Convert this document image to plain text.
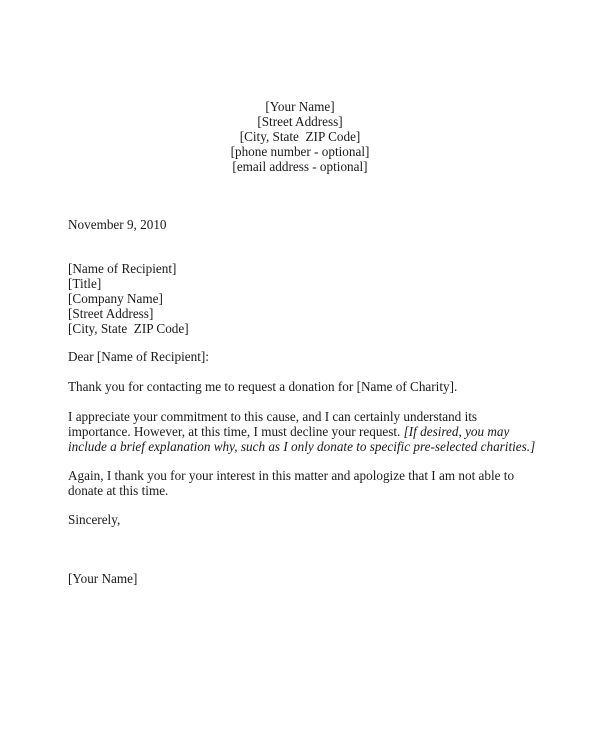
[Your Name]
[Street Address]
[City, State  ZIP Code]
[phone number - optional]
[email address - optional]
November 9, 2010
[Name of Recipient]
[Title]
[Company Name]
[Street Address]
[City, State  ZIP Code]
Dear [Name of Recipient]:
Thank you for contacting me to request a donation for [Name of Charity].
I appreciate your commitment to this cause, and I can certainly understand its
importance. However, at this time, I must decline your request. [If desired, you may
include a brief explanation why, such as I only donate to specific pre-selected charities.]
Again, I thank you for your interest in this matter and apologize that I am not able to
donate at this time.
Sincerely,
[Your Name]
